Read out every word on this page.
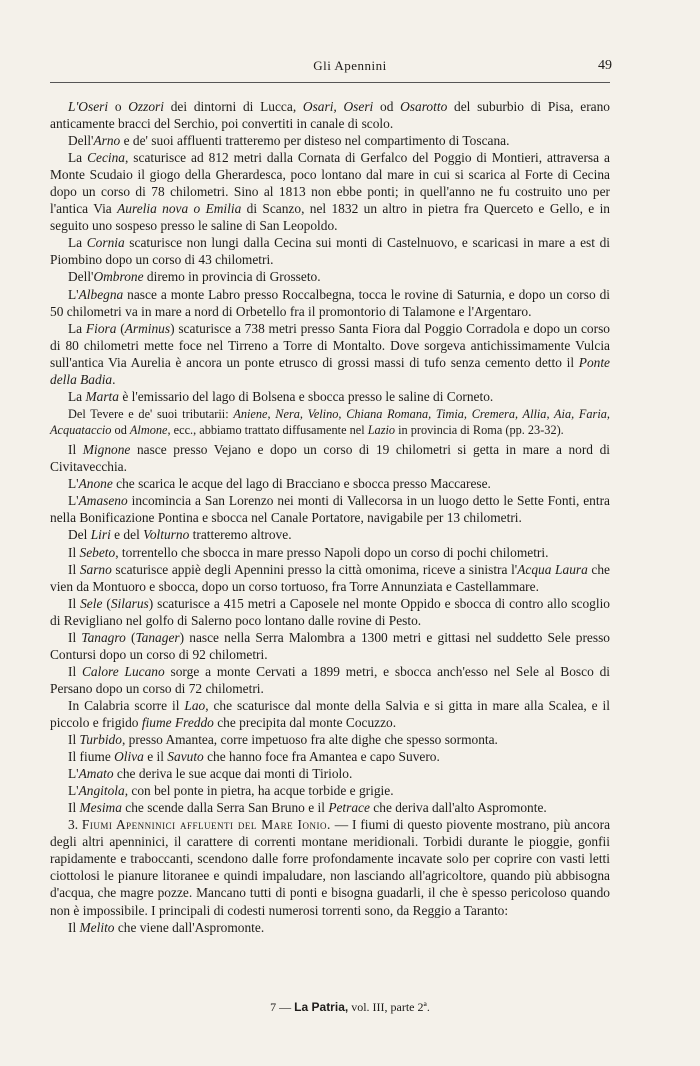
Gli Apennini	49

L'Oseri o Ozzori dei dintorni di Lucca, Osari, Oseri od Osarotto del suburbio di Pisa, erano anticamente bracci del Serchio, poi convertiti in canale di scolo.

Dell'Arno e de' suoi affluenti tratteremo per disteso nel compartimento di Toscana.

La Cecina, scaturisce ad 812 metri dalla Cornata di Gerfalco del Poggio di Montieri, attraversa a Monte Scudaio il giogo della Gherardesca, poco lontano dal mare in cui si scarica al Forte di Cecina dopo un corso di 78 chilometri. Sino al 1813 non ebbe ponti; in quell'anno ne fu costruito uno per l'antica Via Aurelia nova o Emilia di Scanzo, nel 1832 un altro in pietra fra Querceto e Gello, e in seguito uno sospeso presso le saline di San Leopoldo.

La Cornia scaturisce non lungi dalla Cecina sui monti di Castelnuovo, e scaricasi in mare a est di Piombino dopo un corso di 43 chilometri.

Dell'Ombrone diremo in provincia di Grosseto.

L'Albegna nasce a monte Labro presso Roccalbegna, tocca le rovine di Saturnia, e dopo un corso di 50 chilometri va in mare a nord di Orbetello fra il promontorio di Talamone e l'Argentaro.

La Fiora (Arminus) scaturisce a 738 metri presso Santa Fiora dal Poggio Corradola e dopo un corso di 80 chilometri mette foce nel Tirreno a Torre di Montalto. Dove sorgeva antichissimamente Vulcia sull'antica Via Aurelia è ancora un ponte etrusco di grossi massi di tufo senza cemento detto il Ponte della Badia.

La Marta è l'emissario del lago di Bolsena e sbocca presso le saline di Corneto.

Del Tevere e de' suoi tributarii: Aniene, Nera, Velino, Chiana Romana, Timia, Cremera, Allia, Aia, Faria, Acquataccio od Almone, ecc., abbiamo trattato diffusamente nel Lazio in provincia di Roma (pp. 23-32).

Il Mignone nasce presso Vejano e dopo un corso di 19 chilometri si getta in mare a nord di Civitavecchia.

L'Anone che scarica le acque del lago di Bracciano e sbocca presso Maccarese.

L'Amaseno incomincia a San Lorenzo nei monti di Vallecorsa in un luogo detto le Sette Fonti, entra nella Bonificazione Pontina e sbocca nel Canale Portatore, navigabile per 13 chilometri.

Del Liri e del Volturno tratteremo altrove.

Il Sebeto, torrentello che sbocca in mare presso Napoli dopo un corso di pochi chilometri.

Il Sarno scaturisce appiè degli Apennini presso la città omonima, riceve a sinistra l'Acqua Laura che vien da Montuoro e sbocca, dopo un corso tortuoso, fra Torre Annunziata e Castellammare.

Il Sele (Silarus) scaturisce a 415 metri a Caposele nel monte Oppido e sbocca di contro allo scoglio di Reviglianο nel golfo di Salerno poco lontano dalle rovine di Pesto.

Il Tanagro (Tanager) nasce nella Serra Malombra a 1300 metri e gittasi nel suddetto Sele presso Contursi dopo un corso di 92 chilometri.

Il Calore Lucano sorge a monte Cervati a 1899 metri, e sbocca anch'esso nel Sele al Bosco di Persano dopo un corso di 72 chilometri.

In Calabria scorre il Lao, che scaturisce dal monte della Salvia e si gitta in mare alla Scalea, e il piccolo e frigido fiume Freddo che precipita dal monte Cocuzzo.

Il Turbido, presso Amantea, corre impetuoso fra alte dighe che spesso sormonta.

Il fiume Oliva e il Savuto che hanno foce fra Amantea e capo Suvero.

L'Amato che deriva le sue acque dai monti di Tiriolo.

L'Angitola, con bel ponte in pietra, ha acque torbide e grigie.

Il Mesima che scende dalla Serra San Bruno e il Petrace che deriva dall'alto Aspromonte.

3. Fiumi Apenninici affluenti del Mare Ionio. — I fiumi di questo piovente mostrano, più ancora degli altri apenninici, il carattere di correnti montane meridionali. Torbidi durante le pioggie, gonfii rapidamente e traboccanti, scendono dalle forre profondamente incavate solo per coprire con vasti letti ciottolosi le pianure litoranee e quindi impaludare, non lasciando all'agricoltore, quando più abbisogna d'acqua, che magre pozze. Mancano tutti di ponti e bisogna guadarli, il che è spesso pericoloso quando non è impossibile. I principali di codesti numerosi torrenti sono, da Reggio a Taranto:

Il Melito che viene dall'Aspromonte.

7 — La Patria, vol. III, parte 2ª.
